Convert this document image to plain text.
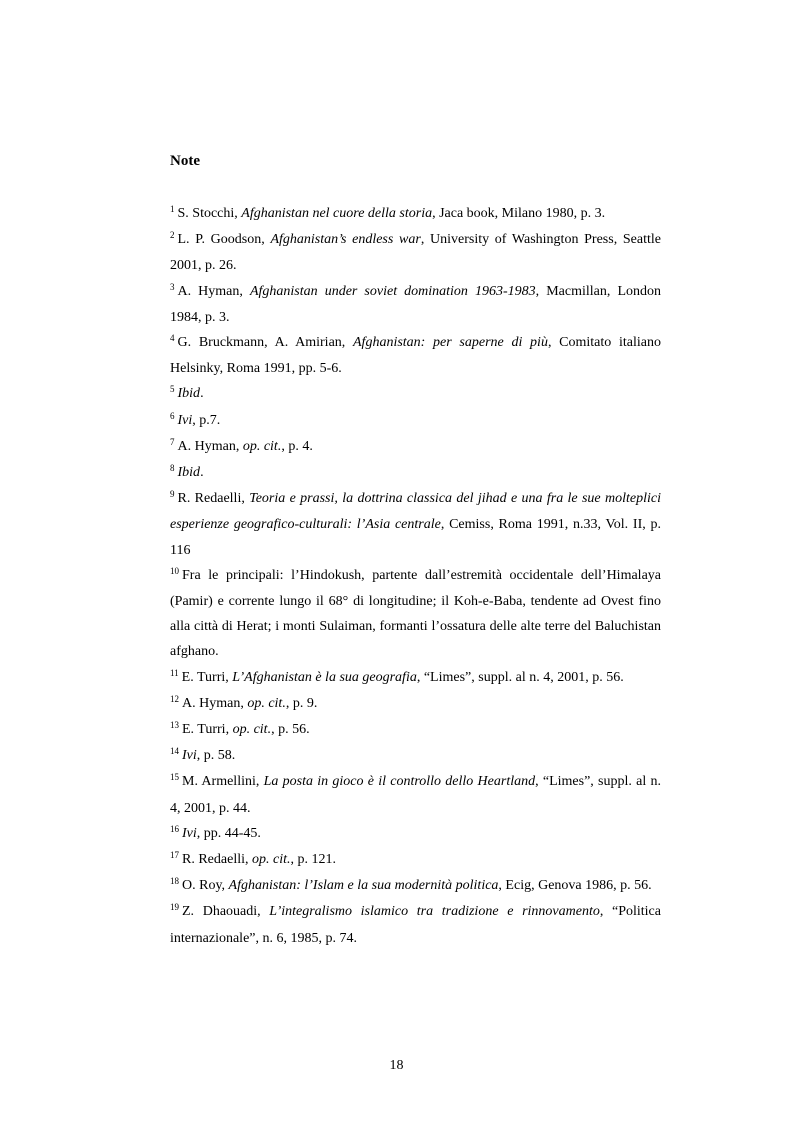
Note

$^1$ S. Stocchi, Afghanistan nel cuore della storia, Jaca book, Milano 1980, p. 3.

$^2$ L. P. Goodson, Afghanistan’s endless war, University of Washington Press, Seattle 2001, p. 26.

$^3$ A. Hyman, Afghanistan under soviet domination 1963-1983, Macmillan, London 1984, p. 3.

$^4$ G. Bruckmann, A. Amirian, Afghanistan: per saperne di più, Comitato italiano Helsinky, Roma 1991, pp. 5-6.

$^5$ Ibid.

$^6$ Ivi, p.7.

$^7$ A. Hyman, op. cit., p. 4.

$^8$ Ibid.

$^9$ R. Redaelli, Teoria e prassi, la dottrina classica del jihad e una fra le sue molteplici esperienze geografico-culturali: l’Asia centrale, Cemiss, Roma 1991, n.33, Vol. II, p. 116

$^{10}$ Fra le principali: l’Hindokush, partente dall’estremità occidentale dell’Himalaya (Pamir) e corrente lungo il 68° di longitudine; il Koh-e-Baba, tendente ad Ovest fino alla città di Herat; i monti Sulaiman, formanti l’ossatura delle alte terre del Baluchistan afghano.

$^{11}$ E. Turri, L’Afghanistan è la sua geografia, “Limes”, suppl. al n. 4, 2001, p. 56.

$^{12}$ A. Hyman, op. cit., p. 9.

$^{13}$ E. Turri, op. cit., p. 56.

$^{14}$ Ivi, p. 58.

$^{15}$ M. Armellini, La posta in gioco è il controllo dello Heartland, “Limes”, suppl. al n. 4, 2001, p. 44.

$^{16}$ Ivi, pp. 44-45.

$^{17}$ R. Redaelli, op. cit., p. 121.

$^{18}$ O. Roy, Afghanistan: l’Islam e la sua modernità politica, Ecig, Genova 1986, p. 56.

$^{19}$ Z. Dhaouadi, L’integralismo islamico tra tradizione e rinnovamento, “Politica internazionale”, n. 6, 1985, p. 74.

18
